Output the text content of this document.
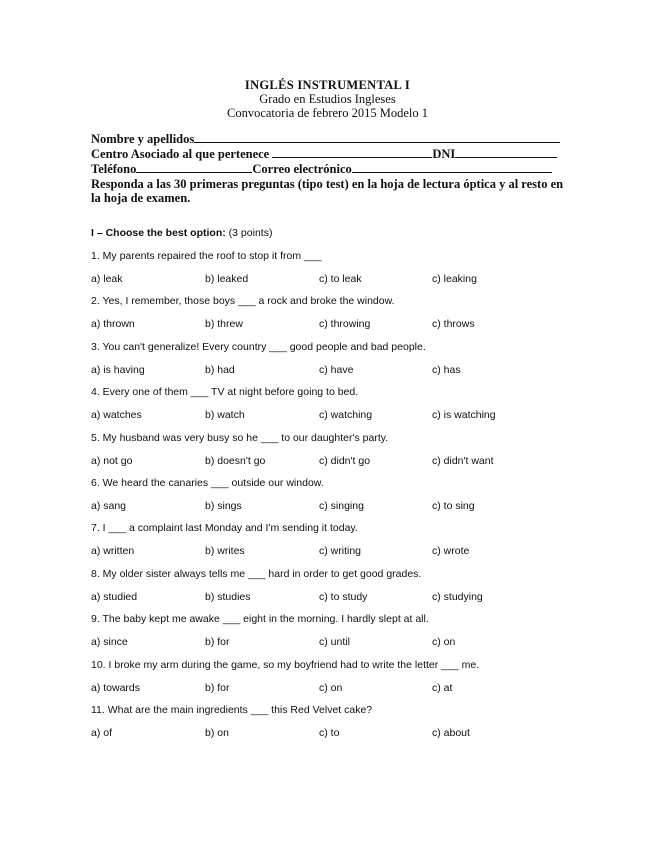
INGLÉS INSTRUMENTAL I
Grado en Estudios Ingleses
Convocatoria de febrero 2015 Modelo 1
Nombre y apellidos
Centro Asociado al que pertenece	DNI
Teléfono	Correo electrónico
Responda a las 30 primeras preguntas (tipo test) en la hoja de lectura óptica y al resto en la hoja de examen.
I – Choose the best option: (3 points)
1. My parents repaired the roof to stop it from ___
a) leak	b) leaked	c) to leak	c) leaking
2. Yes, I remember, those boys ___ a rock and broke the window.
a) thrown	b) threw	c) throwing	c) throws
3. You can't generalize! Every country ___ good people and bad people.
a) is having	b) had	c) have	c) has
4. Every one of them ___ TV at night before going to bed.
a) watches	b) watch	c) watching	c) is watching
5. My husband was very busy so he ___ to our daughter's party.
a) not go	b) doesn't go	c) didn't go	c) didn't want
6. We heard the canaries ___ outside our window.
a) sang	b) sings	c) singing	c) to sing
7. I ___ a complaint last Monday and I'm sending it today.
a) written	b) writes	c) writing	c) wrote
8. My older sister always tells me ___ hard in order to get good grades.
a) studied	b) studies	c) to study	c) studying
9. The baby kept me awake ___ eight in the morning. I hardly slept at all.
a) since	b) for	c) until	c) on
10. I broke my arm during the game, so my boyfriend had to write the letter ___ me.
a) towards	b) for	c) on	c) at
11. What are the main ingredients ___ this Red Velvet cake?
a) of	b) on	c) to	c) about
